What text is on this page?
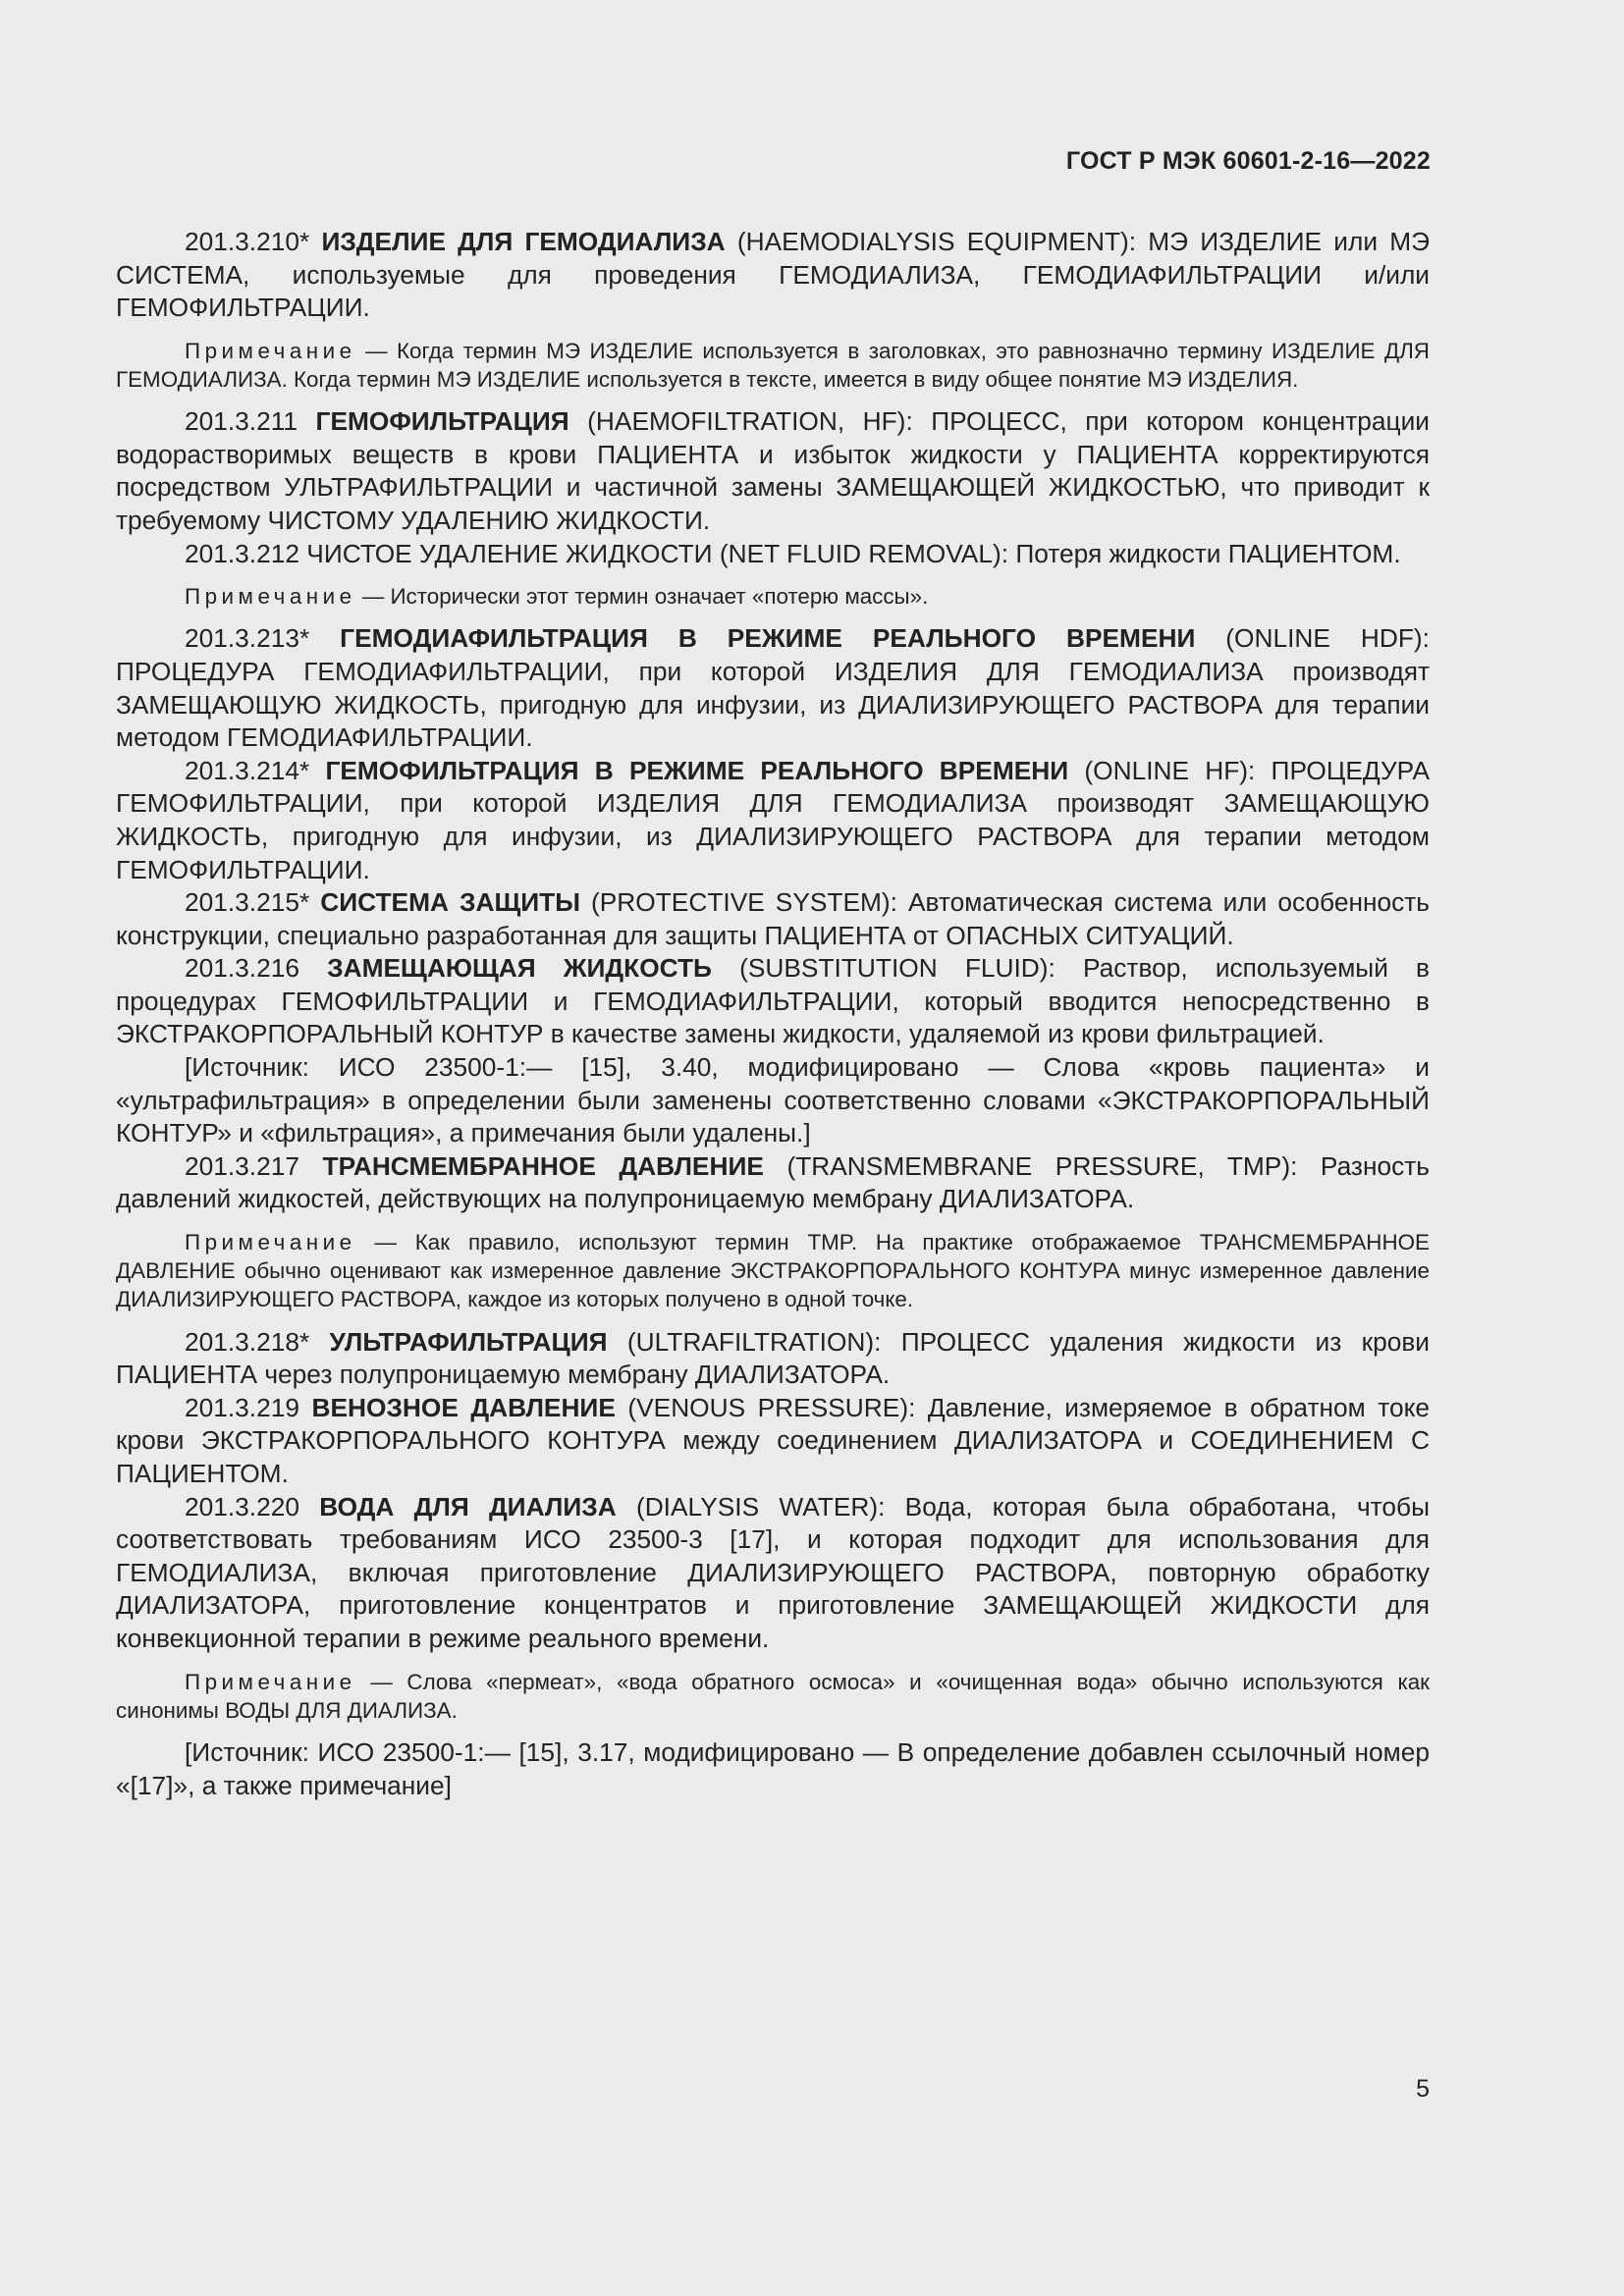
ГОСТ Р МЭК 60601-2-16—2022

201.3.210* ИЗДЕЛИЕ ДЛЯ ГЕМОДИАЛИЗА (HAEMODIALYSIS EQUIPMENT): МЭ ИЗДЕЛИЕ или МЭ СИСТЕМА, используемые для проведения ГЕМОДИАЛИЗА, ГЕМОДИАФИЛЬТРАЦИИ и/или ГЕМОФИЛЬТРАЦИИ.

Примечание — Когда термин МЭ ИЗДЕЛИЕ используется в заголовках, это равнозначно термину ИЗДЕЛИЕ ДЛЯ ГЕМОДИАЛИЗА. Когда термин МЭ ИЗДЕЛИЕ используется в тексте, имеется в виду общее понятие МЭ ИЗДЕЛИЯ.

201.3.211 ГЕМОФИЛЬТРАЦИЯ (HAEMOFILTRATION, HF): ПРОЦЕСС, при котором концентрации водорастворимых веществ в крови ПАЦИЕНТА и избыток жидкости у ПАЦИЕНТА корректируются посредством УЛЬТРАФИЛЬТРАЦИИ и частичной замены ЗАМЕЩАЮЩЕЙ ЖИДКОСТЬЮ, что приводит к требуемому ЧИСТОМУ УДАЛЕНИЮ ЖИДКОСТИ.

201.3.212 ЧИСТОЕ УДАЛЕНИЕ ЖИДКОСТИ (NET FLUID REMOVAL): Потеря жидкости ПАЦИЕНТОМ.

Примечание — Исторически этот термин означает «потерю массы».

201.3.213* ГЕМОДИАФИЛЬТРАЦИЯ В РЕЖИМЕ РЕАЛЬНОГО ВРЕМЕНИ (ONLINE HDF): ПРОЦЕДУРА ГЕМОДИАФИЛЬТРАЦИИ, при которой ИЗДЕЛИЯ ДЛЯ ГЕМОДИАЛИЗА производят ЗАМЕЩАЮЩУЮ ЖИДКОСТЬ, пригодную для инфузии, из ДИАЛИЗИРУЮЩЕГО РАСТВОРА для терапии методом ГЕМОДИАФИЛЬТРАЦИИ.

201.3.214* ГЕМОФИЛЬТРАЦИЯ В РЕЖИМЕ РЕАЛЬНОГО ВРЕМЕНИ (ONLINE HF): ПРОЦЕДУРА ГЕМОФИЛЬТРАЦИИ, при которой ИЗДЕЛИЯ ДЛЯ ГЕМОДИАЛИЗА производят ЗАМЕЩАЮЩУЮ ЖИДКОСТЬ, пригодную для инфузии, из ДИАЛИЗИРУЮЩЕГО РАСТВОРА для терапии методом ГЕМОФИЛЬТРАЦИИ.

201.3.215* СИСТЕМА ЗАЩИТЫ (PROTECTIVE SYSTEM): Автоматическая система или особенность конструкции, специально разработанная для защиты ПАЦИЕНТА от ОПАСНЫХ СИТУАЦИЙ.

201.3.216 ЗАМЕЩАЮЩАЯ ЖИДКОСТЬ (SUBSTITUTION FLUID): Раствор, используемый в процедурах ГЕМОФИЛЬТРАЦИИ и ГЕМОДИАФИЛЬТРАЦИИ, который вводится непосредственно в ЭКСТРАКОРПОРАЛЬНЫЙ КОНТУР в качестве замены жидкости, удаляемой из крови фильтрацией.

[Источник: ИСО 23500-1:— [15], 3.40, модифицировано — Слова «кровь пациента» и «ультрафильтрация» в определении были заменены соответственно словами «ЭКСТРАКОРПОРАЛЬНЫЙ КОНТУР» и «фильтрация», а примечания были удалены.]

201.3.217 ТРАНСМЕМБРАННОЕ ДАВЛЕНИЕ (TRANSMEMBRANE PRESSURE, TMP): Разность давлений жидкостей, действующих на полупроницаемую мембрану ДИАЛИЗАТОРА.

Примечание — Как правило, используют термин TMP. На практике отображаемое ТРАНСМЕМБРАННОЕ ДАВЛЕНИЕ обычно оценивают как измеренное давление ЭКСТРАКОРПОРАЛЬНОГО КОНТУРА минус измеренное давление ДИАЛИЗИРУЮЩЕГО РАСТВОРА, каждое из которых получено в одной точке.

201.3.218* УЛЬТРАФИЛЬТРАЦИЯ (ULTRAFILTRATION): ПРОЦЕСС удаления жидкости из крови ПАЦИЕНТА через полупроницаемую мембрану ДИАЛИЗАТОРА.

201.3.219 ВЕНОЗНОЕ ДАВЛЕНИЕ (VENOUS PRESSURE): Давление, измеряемое в обратном токе крови ЭКСТРАКОРПОРАЛЬНОГО КОНТУРА между соединением ДИАЛИЗАТОРА и СОЕДИНЕНИЕМ С ПАЦИЕНТОМ.

201.3.220 ВОДА ДЛЯ ДИАЛИЗА (DIALYSIS WATER): Вода, которая была обработана, чтобы соответствовать требованиям ИСО 23500-3 [17], и которая подходит для использования для ГЕМОДИАЛИЗА, включая приготовление ДИАЛИЗИРУЮЩЕГО РАСТВОРА, повторную обработку ДИАЛИЗАТОРА, приготовление концентратов и приготовление ЗАМЕЩАЮЩЕЙ ЖИДКОСТИ для конвекционной терапии в режиме реального времени.

Примечание — Слова «пермеат», «вода обратного осмоса» и «очищенная вода» обычно используются как синонимы ВОДЫ ДЛЯ ДИАЛИЗА.

[Источник: ИСО 23500-1:— [15], 3.17, модифицировано — В определение добавлен ссылочный номер «[17]», а также примечание]

5
